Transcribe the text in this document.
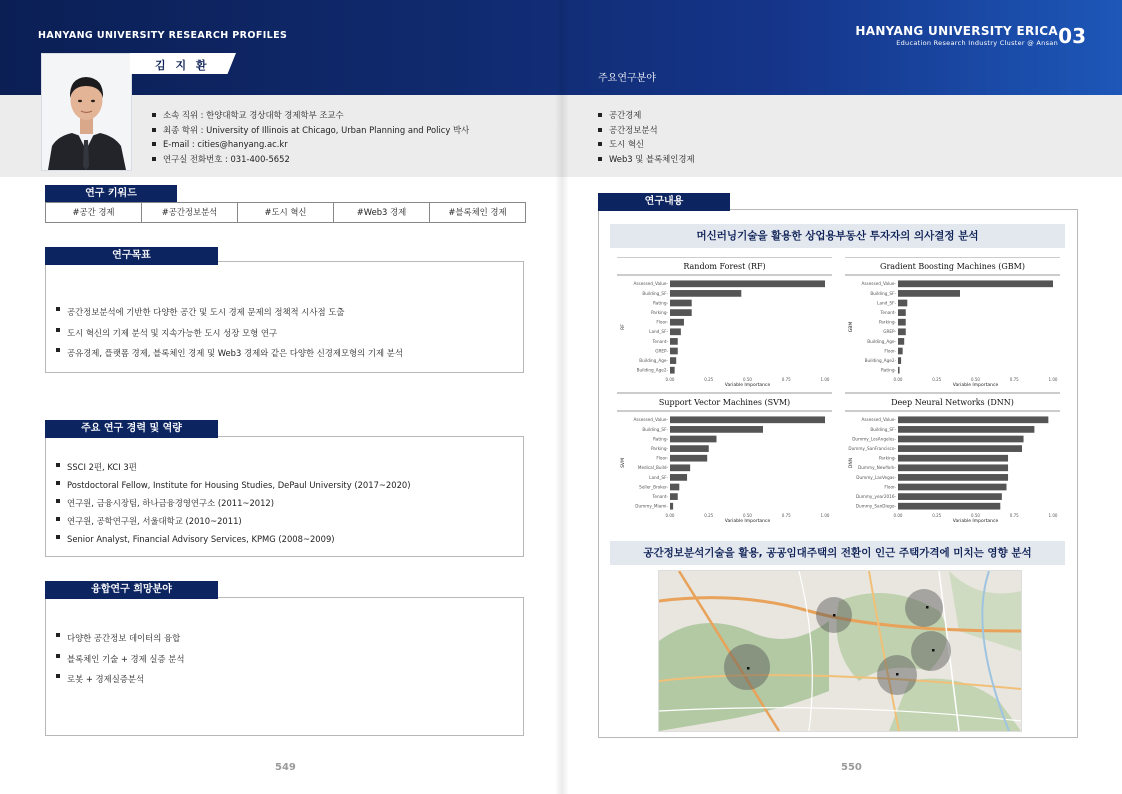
HANYANG UNIVERSITY RESEARCH PROFILES	HANYANG UNIVERSITY ERICA
Education Research Industry Cluster @ Ansan 03
김 지 환
소속 직위 : 한양대학교 경상대학 경제학부 조교수
최종 학위 : University of Illinois at Chicago, Urban Planning and Policy 박사
E-mail : cities@hanyang.ac.kr
연구실 전화번호 : 031-400-5652
연구 키워드
#공간 경제	#공간정보분석	#도시 혁신	#Web3 경제	#블록체인 경제
공간정보분석에 기반한 다양한 공간 및 도시 경제 문제의 정책적 시사점 도출
도시 혁신의 기제 분석 및 지속가능한 도시 성장 모형 연구
공유경제, 플랫폼 경제, 블록체인 경제 및 Web3 경제와 같은 다양한 신경제모형의 기제 분석
연구목표
SSCI 2편, KCI 3편
Postdoctoral Fellow, Institute for Housing Studies, DePaul University (2017~2020)
연구원, 금융시장팀, 하나금융경영연구소 (2011~2012)
연구원, 공학연구원, 서울대학교 (2010~2011)
Senior Analyst, Financial Advisory Services, KPMG (2008~2009)
주요 연구 경력 및 역량
다양한 공간정보 데이터의 융합
블록체인 기술 + 경제 실증 분석
로봇 + 경제실증분석
융합연구 희망분야
549
주요연구분야
공간경제
공간정보분석
도시 혁신
Web3 및 블록체인경제
연구내용
머신러닝기술을 활용한 상업용부동산 투자자의 의사결정 분석
Random Forest (RF)
RF
Assessed_Value-
Building_SF-
Rating-
Parking-
Floor-
Land_SF-
Tenant-
GREP-
Building_Age-
Building_Age2-
0.00	0.25	0.50	0.75	1.00
Variable Importance
Gradient Boosting Machines (GBM)
GBM
Assessed_Value-
Building_SF-
Land_SF-
Tenant-
Parking-
GREP-
Building_Age-
Floor-
Building_Age2-
Rating-
0.00	0.25	0.50	0.75	1.00
Variable Importance
Support Vector Machines (SVM)
SVM
Assessed_Value-
Building_SF-
Rating-
Parking-
Floor-
Medical_Build-
Land_SF-
Seller_Broker-
Tenant-
Dummy_Miami-
0.00	0.25	0.50	0.75	1.00
Variable Importance
Deep Neural Networks (DNN)
DNN
Assessed_Value-
Building_SF-
Dummy_LosAngeles-
Dummy_SanFrancisco-
Parking-
Dummy_NewYork-
Dummy_LasVegas-
Floor-
Dummy_year2016-
Dummy_SanDiego-
0.00	0.25	0.50	0.75	1.00
Variable Importance
공간정보분석기술을 활용, 공공임대주택의 전환이 인근 주택가격에 미치는 영향 분석
550
